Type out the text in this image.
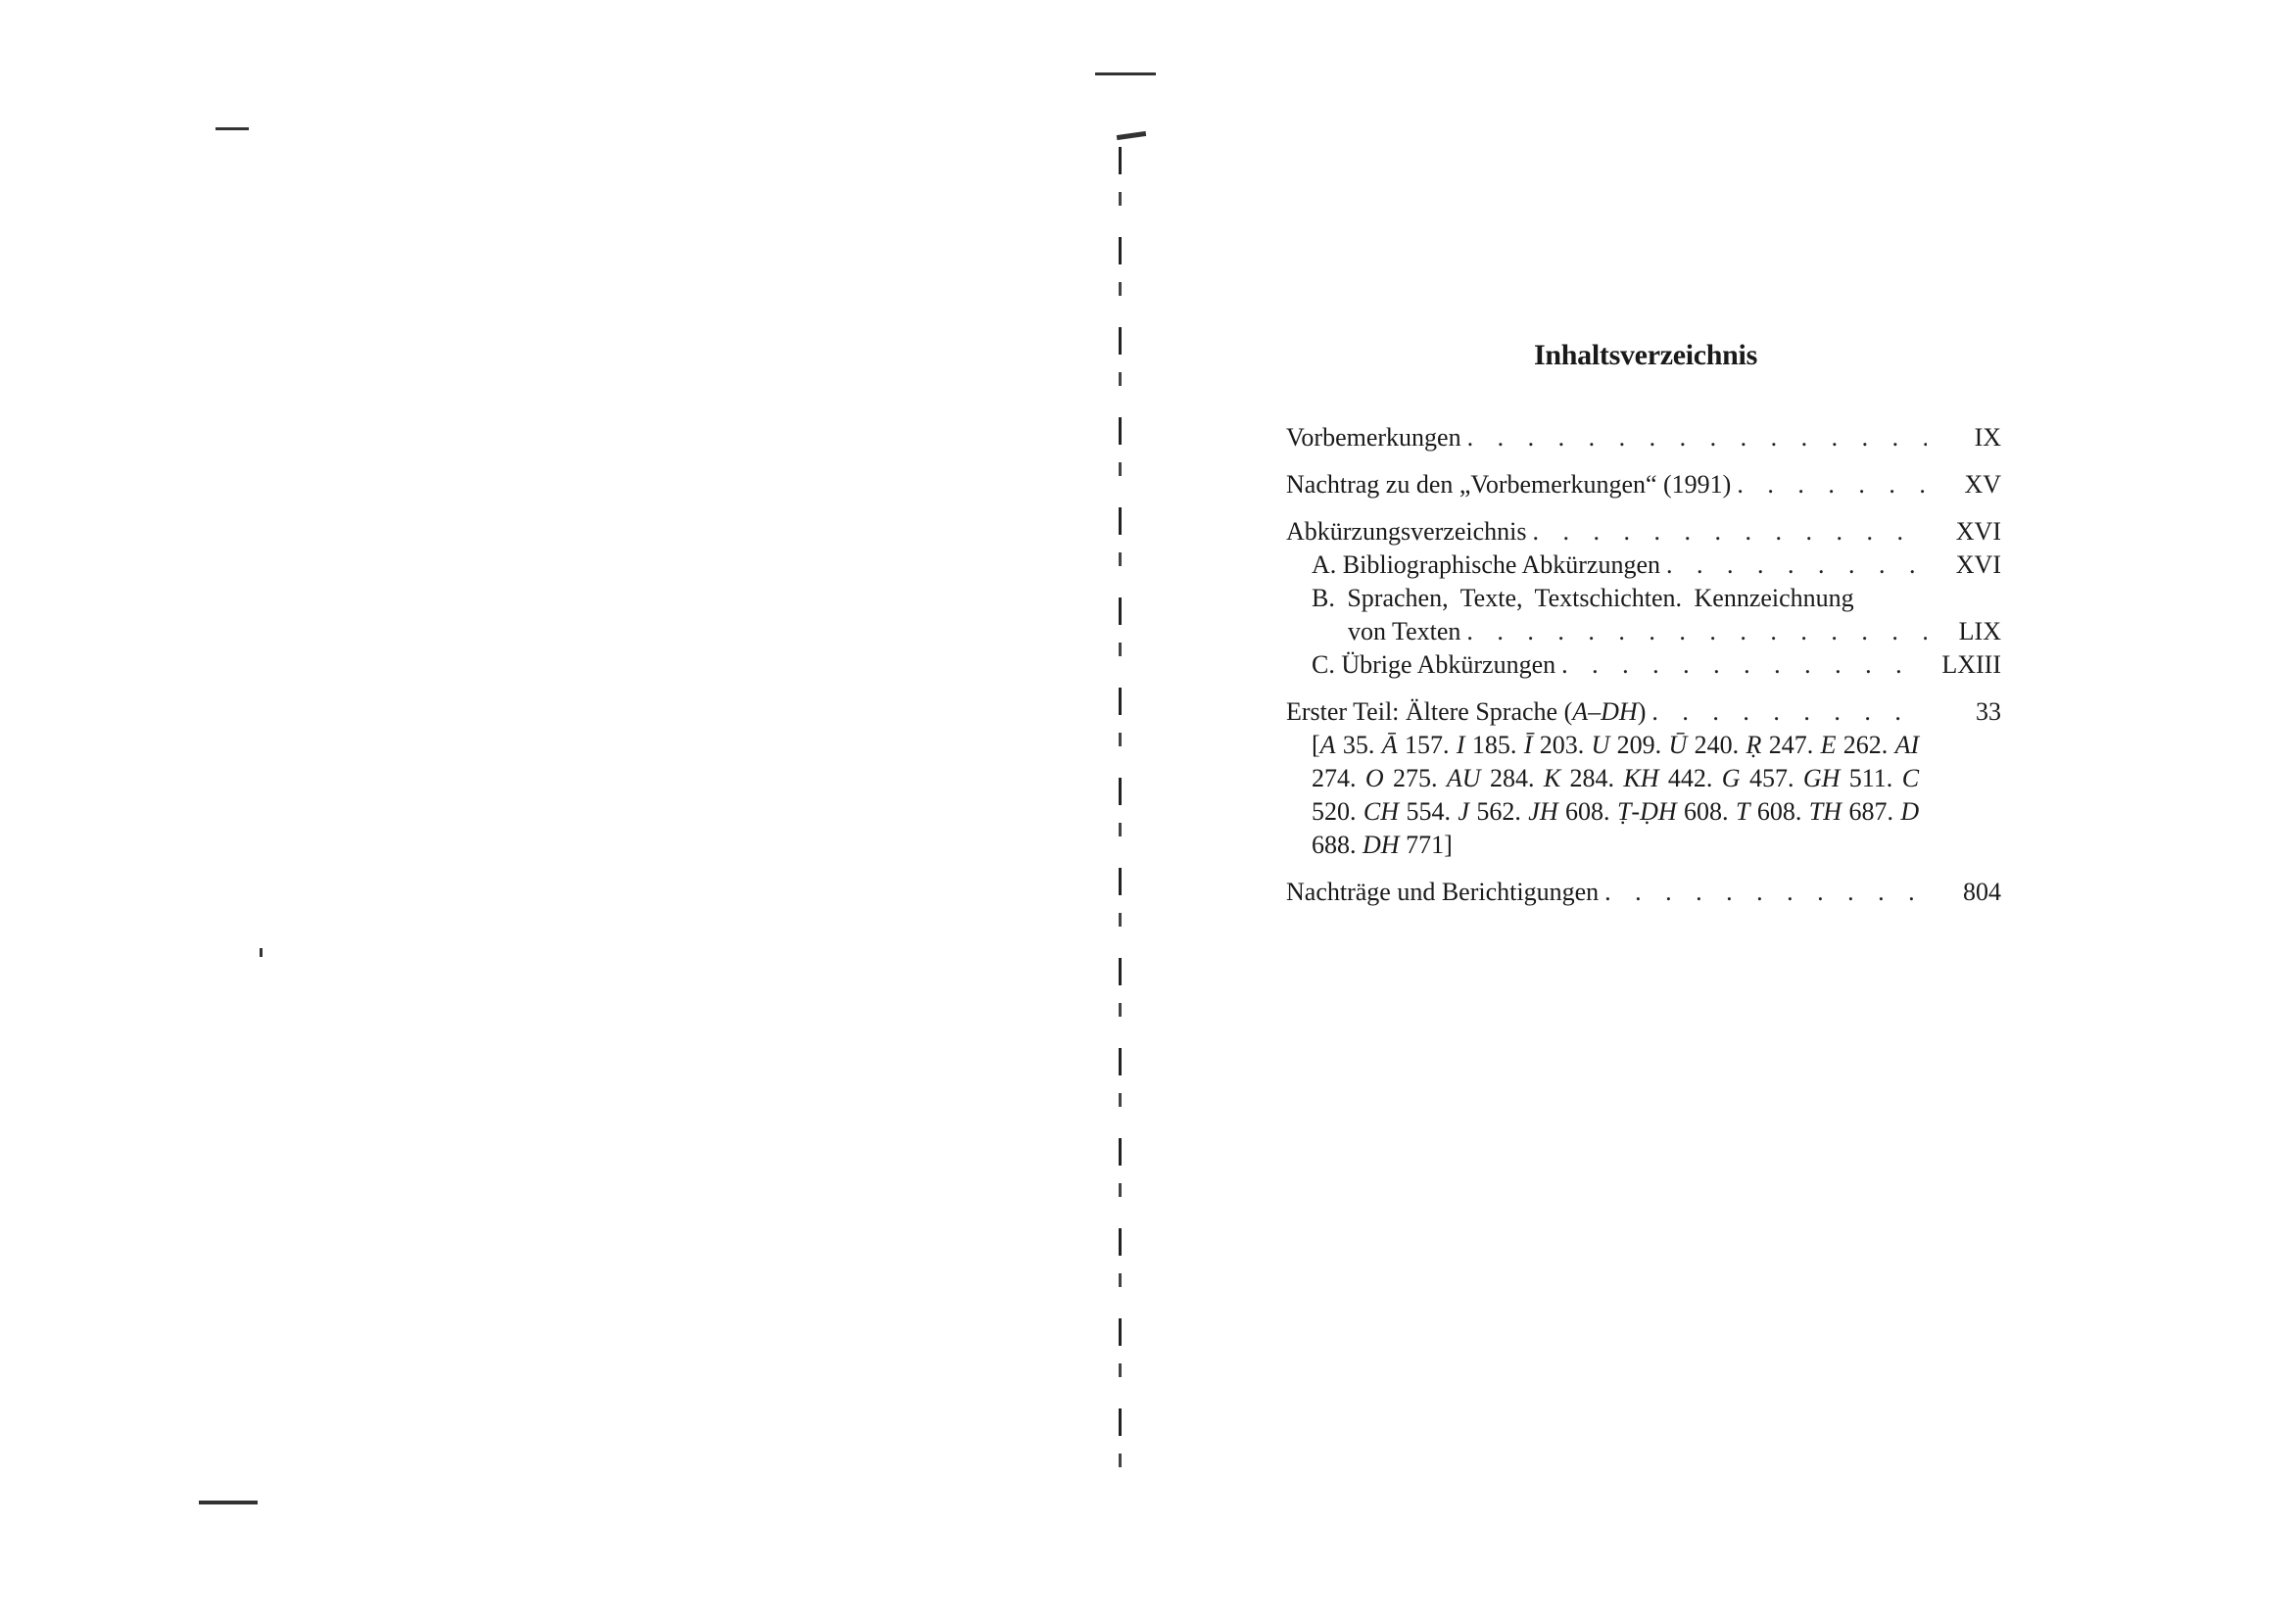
Inhaltsverzeichnis
Vorbemerkungen . . .	IX
Nachtrag zu den „Vorbemerkungen“ (1991) . . .	XV
Abkürzungsverzeichnis . . .	XVI
A. Bibliographische Abkürzungen . . .	XVI
B. Sprachen, Texte, Textschichten. Kennzeichnung
von Texten . . .	LIX
C. Übrige Abkürzungen . . .	LXIII
Erster Teil: Ältere Sprache (A–DH) . . .	33
[A 35. Ā 157. I 185. Ī 203. U 209. Ū 240. Ṛ 247. E 262. AI 274. O 275. AU 284. K 284. KH 442. G 457. GH 511. C 520. CH 554. J 562. JH 608. Ṭ-ḌH 608. T 608. TH 687. D 688. DH 771]
Nachträge und Berichtigungen . . .	804
